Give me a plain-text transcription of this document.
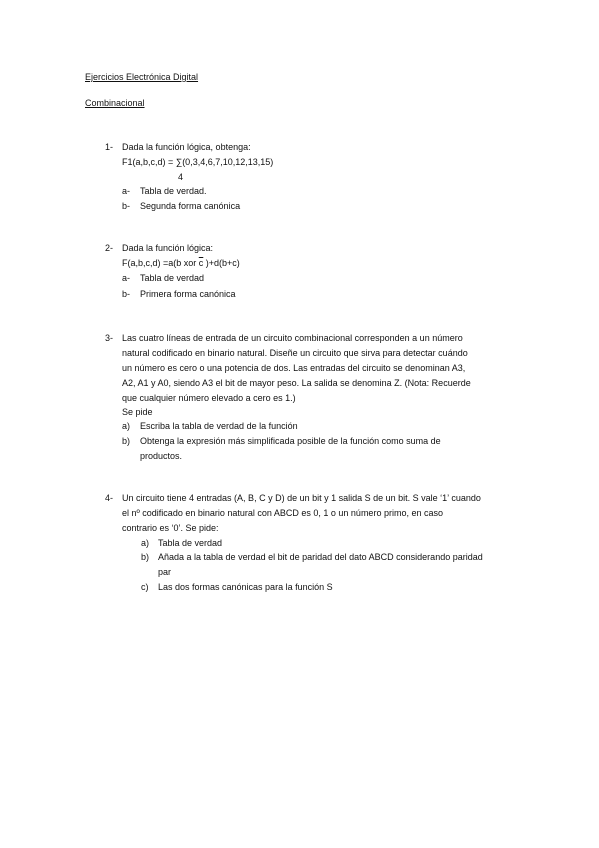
Ejercicios Electrónica Digital
Combinacional
1- Dada la función lógica, obtenga:
F1(a,b,c,d) = ∑(0,3,4,6,7,10,12,13,15)
4
a- Tabla de verdad.
b- Segunda forma canónica
2- Dada la función lógica:
F(a,b,c,d) =a(b xor $\overline{c}$ )+d(b+c)
a- Tabla de verdad
b- Primera forma canónica
3- Las cuatro líneas de entrada de un circuito combinacional corresponden a un número
natural codificado en binario natural. Diseñe un circuito que sirva para detectar cuándo
un número es cero o una potencia de dos. Las entradas del circuito se denominan A3,
A2, A1 y A0, siendo A3 el bit de mayor peso. La salida se denomina Z. (Nota: Recuerde
que cualquier número elevado a cero es 1.)
Se pide
a) Escriba la tabla de verdad de la función
b) Obtenga la expresión más simplificada posible de la función como suma de
productos.
4- Un circuito tiene 4 entradas (A, B, C y D) de un bit y 1 salida S de un bit. S vale ‘1’ cuando
el nº codificado en binario natural con ABCD es 0, 1 o un número primo, en caso
contrario es ‘0’. Se pide:
a) Tabla de verdad
b) Añada a la tabla de verdad el bit de paridad del dato ABCD considerando paridad
par
c) Las dos formas canónicas para la función S
